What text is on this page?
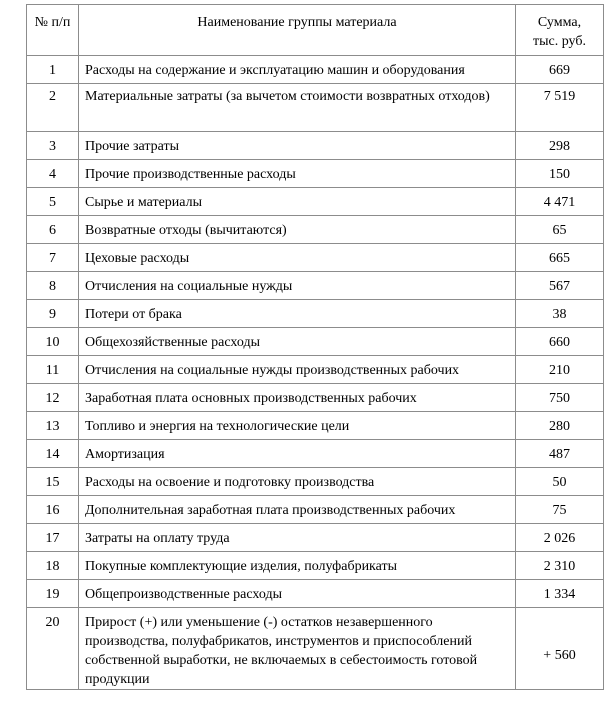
№ п/п	Наименование группы материала	Сумма,
тыс. руб.
1	Расходы на содержание и эксплуатацию машин и оборудования	669
2	Материальные затраты (за вычетом стоимости возвратных отходов)	7 519
3	Прочие затраты	298
4	Прочие производственные расходы	150
5	Сырье и материалы	4 471
6	Возвратные отходы (вычитаются)	65
7	Цеховые расходы	665
8	Отчисления на социальные нужды	567
9	Потери от брака	38
10	Общехозяйственные расходы	660
11	Отчисления на социальные нужды производственных рабочих	210
12	Заработная плата основных производственных рабочих	750
13	Топливо и энергия на технологические цели	280
14	Амортизация	487
15	Расходы на освоение и подготовку производства	50
16	Дополнительная заработная плата производственных рабочих	75
17	Затраты на оплату труда	2 026
18	Покупные комплектующие изделия, полуфабрикаты	2 310
19	Общепроизводственные расходы	1 334
20	Прирост (+) или уменьшение (-) остатков незавершенного производства, полуфабрикатов, инструментов и приспособлений собственной выработки, не включаемых в себестоимость готовой продукции	+ 560
